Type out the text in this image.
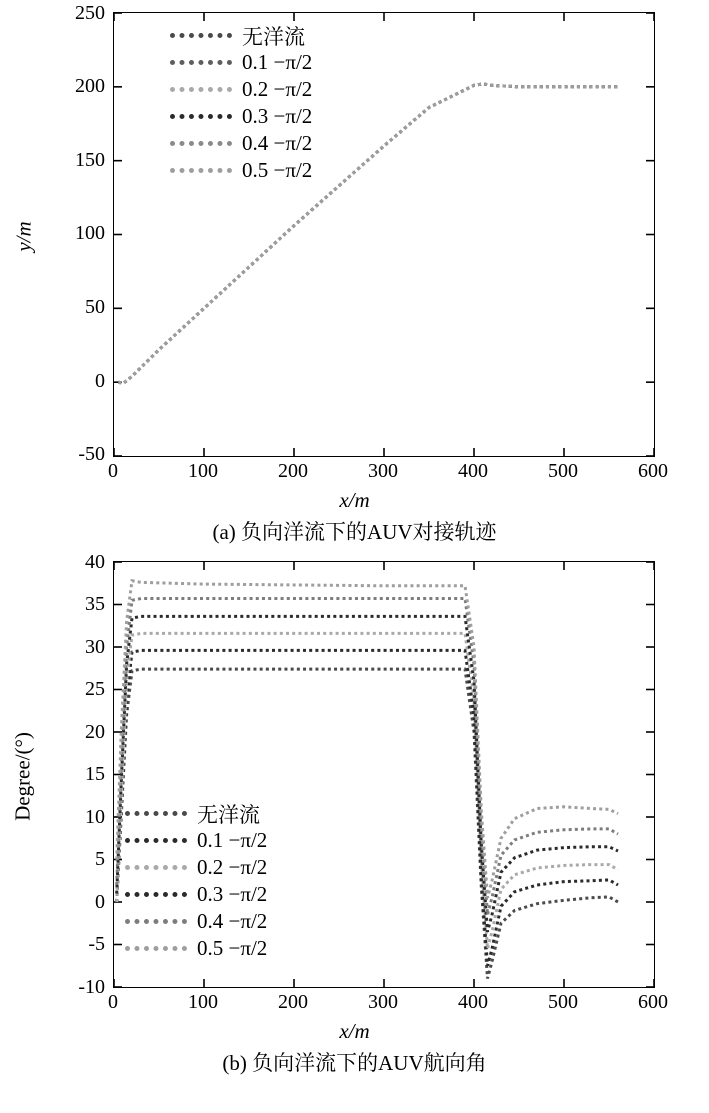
250
200
150
100
50
0
-50
0	100	200	300	400	500	600
x/m
y/m
无洋流
0.1 −π/2
0.2 −π/2
0.3 −π/2
0.4 −π/2
0.5 −π/2
(a) 负向洋流下的AUV对接轨迹
40
35
30
25
20
15
10
5
0
-5
-10
0	100	200	300	400	500	600
x/m
Degree/(°)	无洋流
0.1 −π/2
0.2 −π/2
0.3 −π/2
0.4 −π/2
0.5 −π/2
(b) 负向洋流下的AUV航向角
